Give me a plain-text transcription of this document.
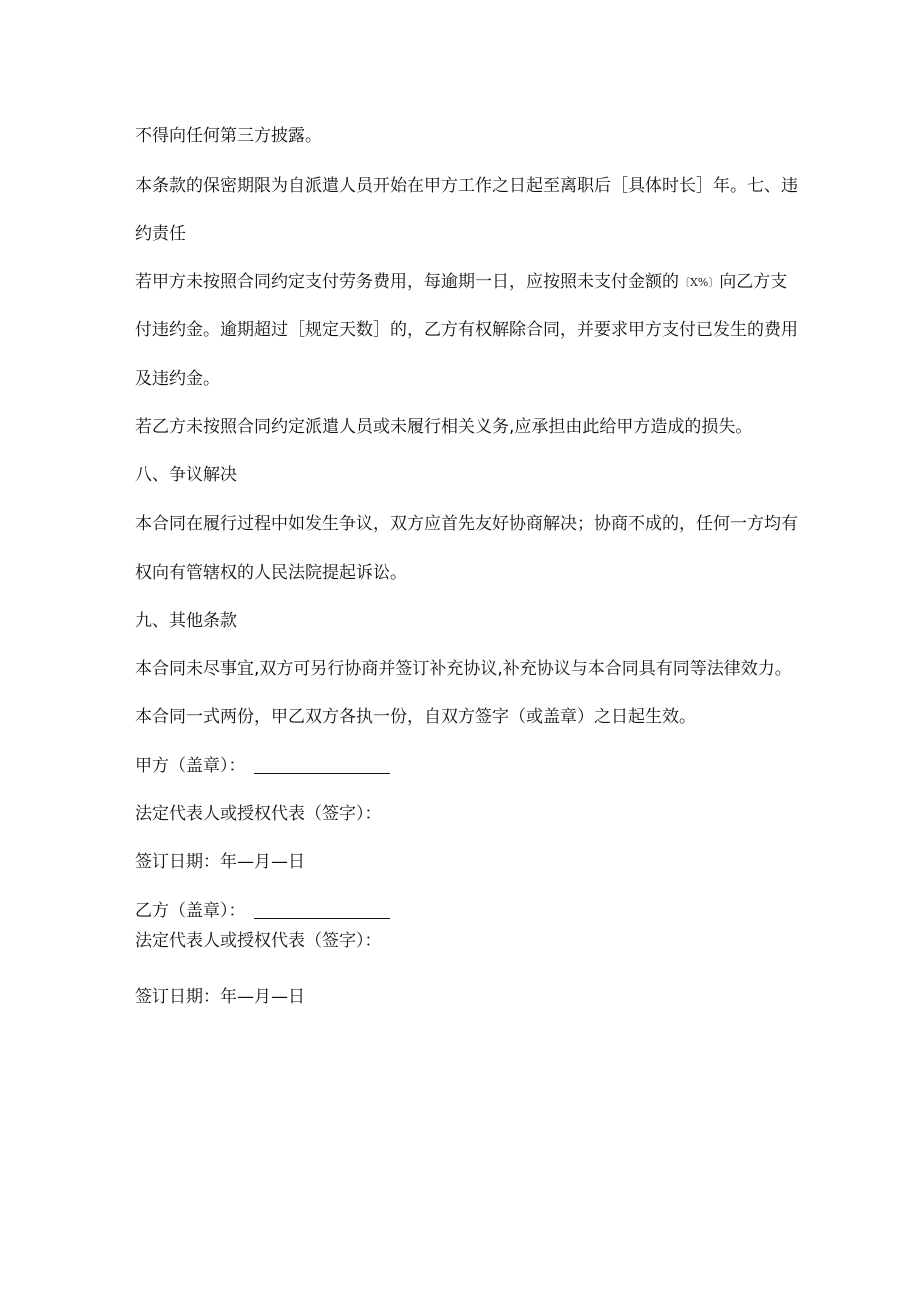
不得向任何第三方披露。
本条款的保密期限为自派遣人员开始在甲方工作之日起至离职后［具体时长］年。七、违
约责任
若甲方未按照合同约定支付劳务费用，每逾期一日，应按照未支付金额的〔X%〕向乙方支
付违约金。逾期超过［规定天数］的，乙方有权解除合同，并要求甲方支付已发生的费用
及违约金。
若乙方未按照合同约定派遣人员或未履行相关义务,应承担由此给甲方造成的损失。
八、争议解决
本合同在履行过程中如发生争议，双方应首先友好协商解决；协商不成的，任何一方均有
权向有管辖权的人民法院提起诉讼。
九、其他条款
本合同未尽事宜,双方可另行协商并签订补充协议,补充协议与本合同具有同等法律效力。
本合同一式两份，甲乙双方各执一份，自双方签字（或盖章）之日起生效。
甲方（盖章）：
法定代表人或授权代表（签字）：
签订日期：年—月—日
乙方（盖章）：
法定代表人或授权代表（签字）：
签订日期：年—月—日
